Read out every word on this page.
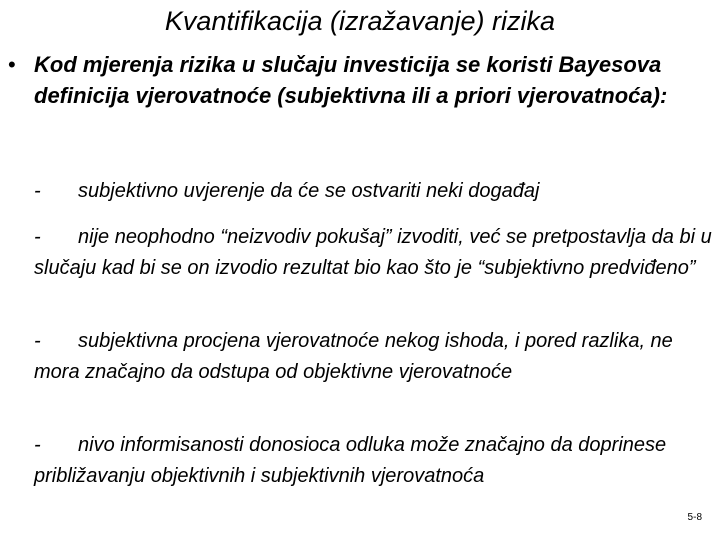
Kvantifikacija (izražavanje) rizika
• Kod mjerenja rizika u slučaju investicija se koristi Bayesova definicija vjerovatnoće (subjektivna ili a priori vjerovatnoća):
- subjektivno uvjerenje da će se ostvariti neki događaj
- nije neophodno “neizvodiv pokušaj” izvoditi, već se pretpostavlja da bi u slučaju kad bi se on izvodio rezultat bio kao što je “subjektivno predviđeno”
- subjektivna procjena vjerovatnoće nekog ishoda, i pored razlika, ne mora značajno da odstupa od objektivne vjerovatnoće
- nivo informisanosti donosioca odluka može značajno da doprinese približavanju objektivnih i subjektivnih vjerovatnoća
5-8
